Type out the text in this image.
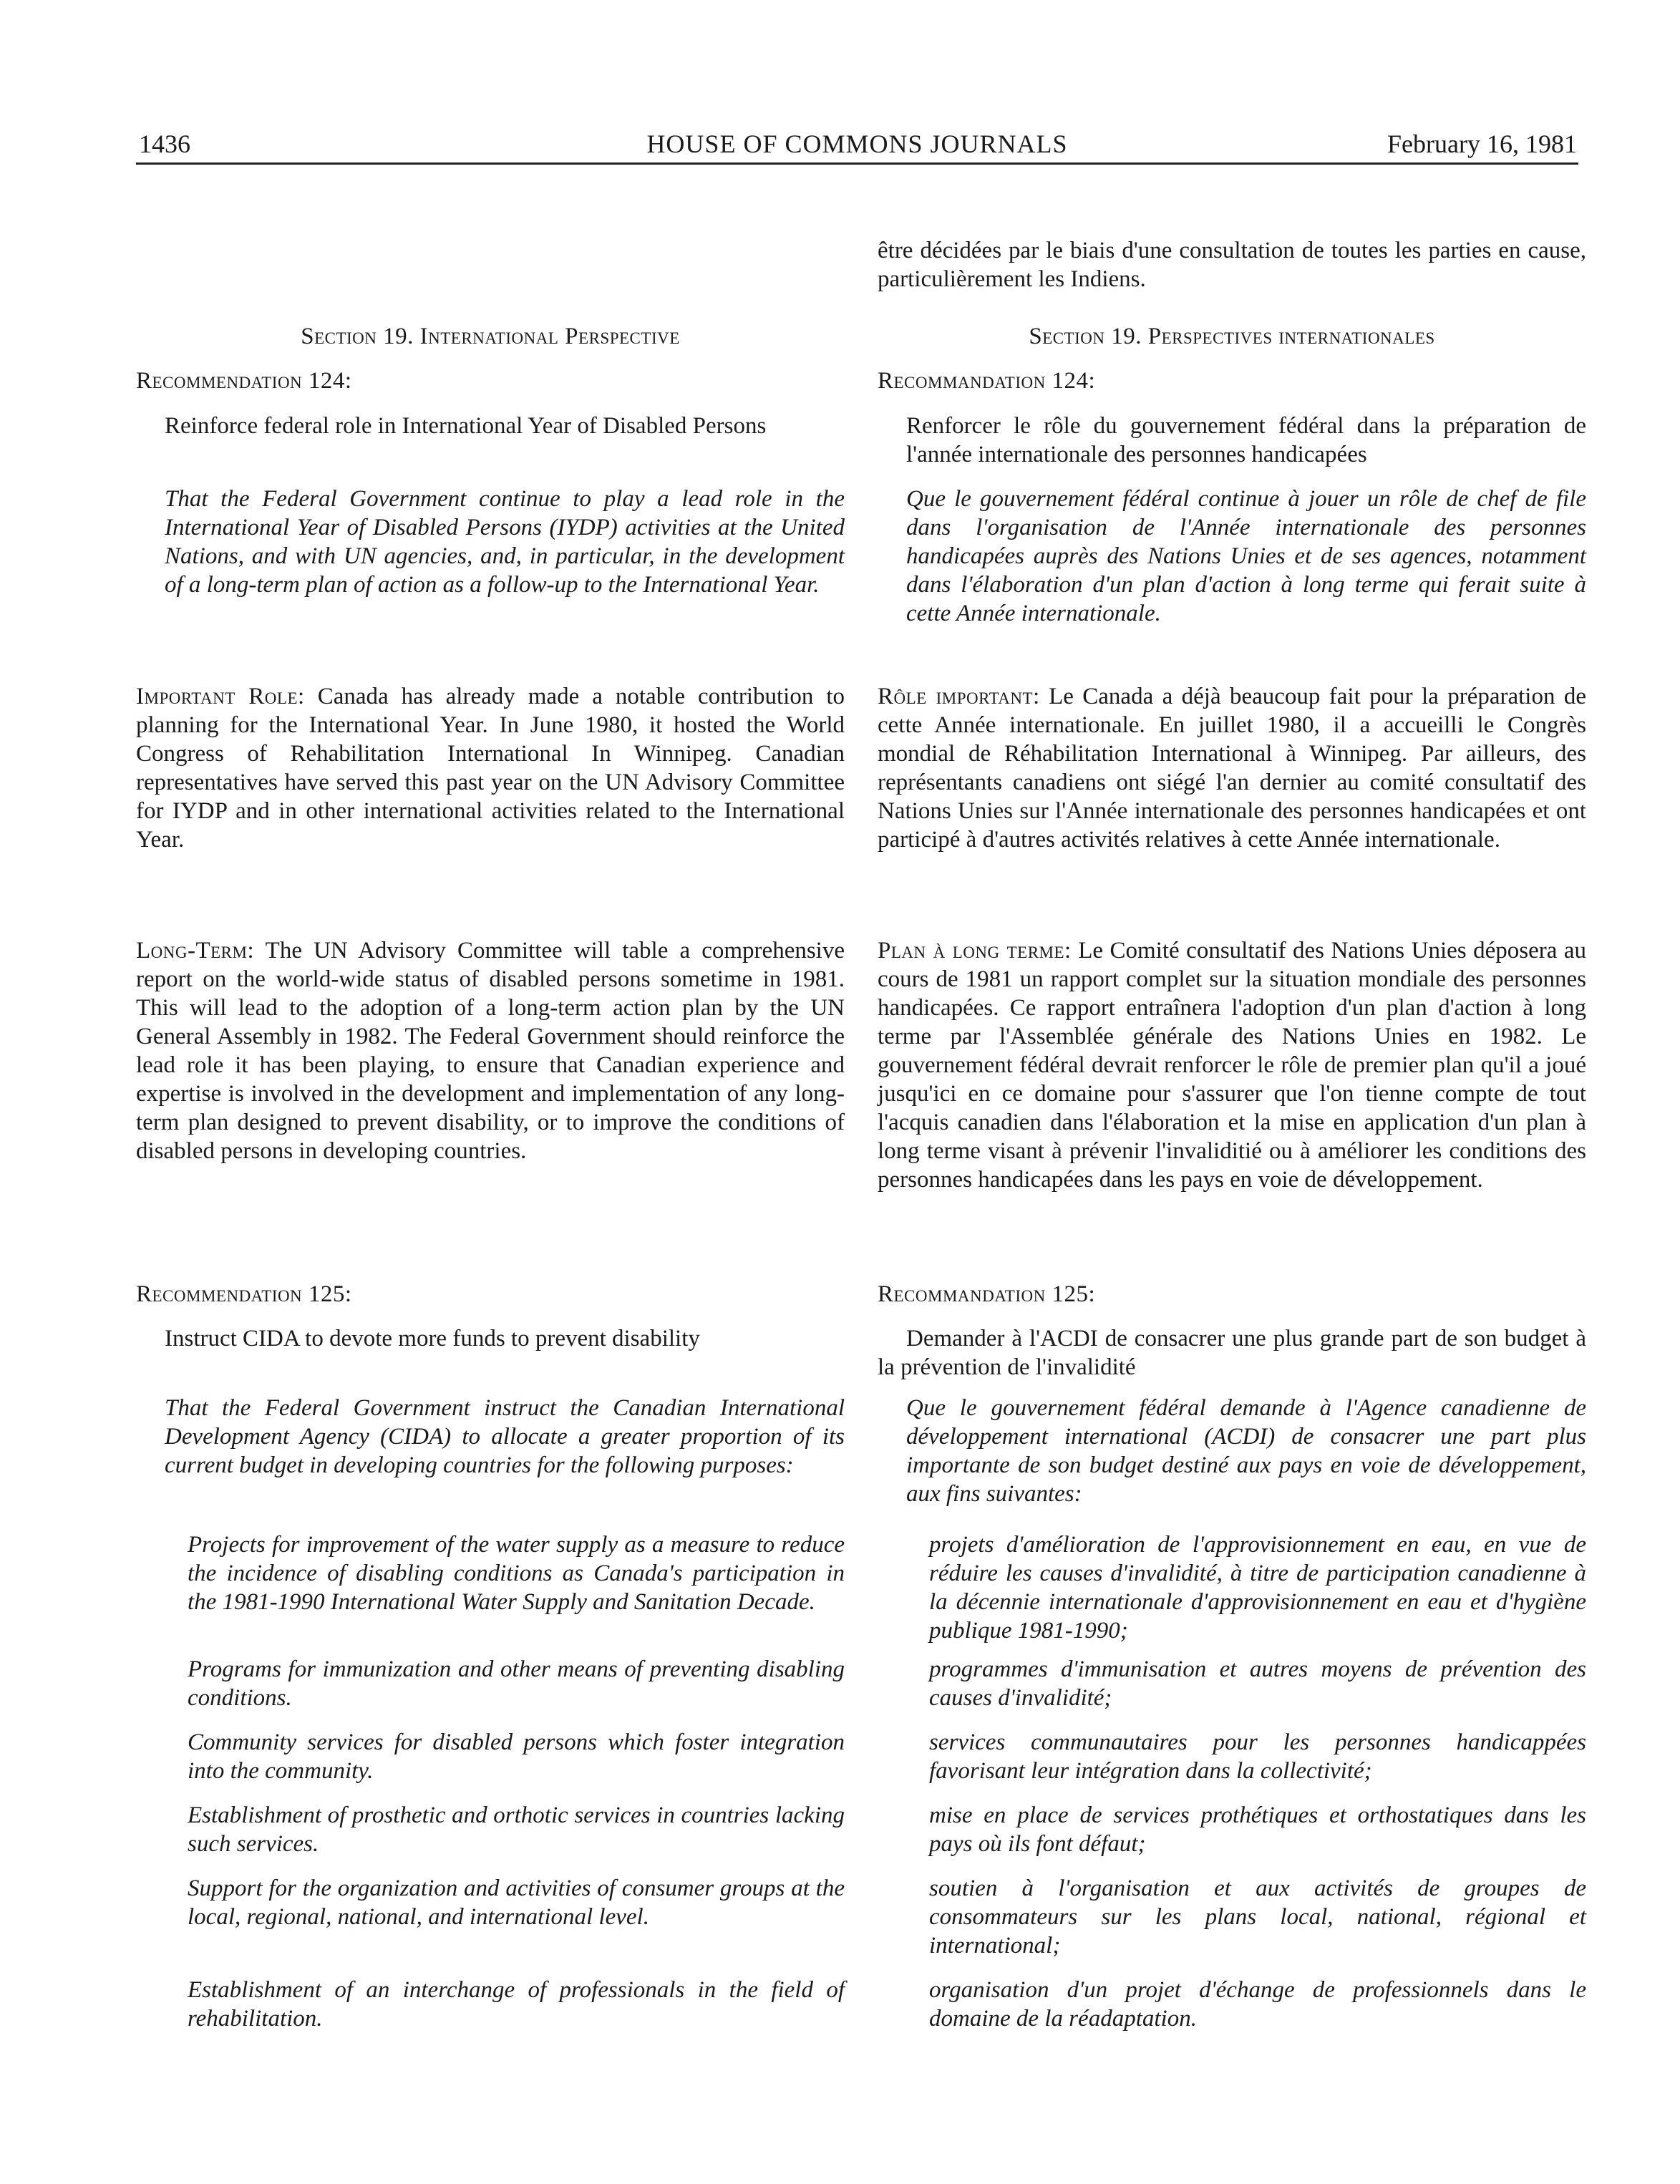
1436	HOUSE OF COMMONS JOURNALS	February 16, 1981

Section 19. International Perspective

Recommendation 124:

Reinforce federal role in International Year of Disabled Persons

That the Federal Government continue to play a lead role in the International Year of Disabled Persons (IYDP) activities at the United Nations, and with UN agencies, and, in particular, in the development of a long-term plan of action as a follow-up to the International Year.

Important Role: Canada has already made a notable contribution to planning for the International Year. In June 1980, it hosted the World Congress of Rehabilitation International In Winnipeg. Canadian representatives have served this past year on the UN Advisory Committee for IYDP and in other international activities related to the International Year.

Long-Term: The UN Advisory Committee will table a comprehensive report on the world-wide status of disabled persons sometime in 1981. This will lead to the adoption of a long-term action plan by the UN General Assembly in 1982. The Federal Government should reinforce the lead role it has been playing, to ensure that Canadian experience and expertise is involved in the development and implementation of any long-term plan designed to prevent disability, or to improve the conditions of disabled persons in developing countries.

Recommendation 125:

Instruct CIDA to devote more funds to prevent disability

That the Federal Government instruct the Canadian International Development Agency (CIDA) to allocate a greater proportion of its current budget in developing countries for the following purposes:

Projects for improvement of the water supply as a measure to reduce the incidence of disabling conditions as Canada's participation in the 1981-1990 International Water Supply and Sanitation Decade.

Programs for immunization and other means of preventing disabling conditions.

Community services for disabled persons which foster integration into the community.

Establishment of prosthetic and orthotic services in countries lacking such services.

Support for the organization and activities of consumer groups at the local, regional, national, and international level.

Establishment of an interchange of professionals in the field of rehabilitation.

être décidées par le biais d'une consultation de toutes les parties en cause, particulièrement les Indiens.

Section 19. Perspectives internationales

Recommandation 124:

Renforcer le rôle du gouvernement fédéral dans la préparation de l'année internationale des personnes handicapées

Que le gouvernement fédéral continue à jouer un rôle de chef de file dans l'organisation de l'Année internationale des personnes handicapées auprès des Nations Unies et de ses agences, notamment dans l'élaboration d'un plan d'action à long terme qui ferait suite à cette Année internationale.

Rôle important: Le Canada a déjà beaucoup fait pour la préparation de cette Année internationale. En juillet 1980, il a accueilli le Congrès mondial de Réhabilitation International à Winnipeg. Par ailleurs, des représentants canadiens ont siégé l'an dernier au comité consultatif des Nations Unies sur l'Année internationale des personnes handicapées et ont participé à d'autres activités relatives à cette Année internationale.

Plan à long terme: Le Comité consultatif des Nations Unies déposera au cours de 1981 un rapport complet sur la situation mondiale des personnes handicapées. Ce rapport entraînera l'adoption d'un plan d'action à long terme par l'Assemblée générale des Nations Unies en 1982. Le gouvernement fédéral devrait renforcer le rôle de premier plan qu'il a joué jusqu'ici en ce domaine pour s'assurer que l'on tienne compte de tout l'acquis canadien dans l'élaboration et la mise en application d'un plan à long terme visant à prévenir l'invaliditié ou à améliorer les conditions des personnes handicapées dans les pays en voie de développement.

Recommandation 125:

Demander à l'ACDI de consacrer une plus grande part de son budget à la prévention de l'invalidité

Que le gouvernement fédéral demande à l'Agence canadienne de développement international (ACDI) de consacrer une part plus importante de son budget destiné aux pays en voie de développement, aux fins suivantes:

projets d'amélioration de l'approvisionnement en eau, en vue de réduire les causes d'invalidité, à titre de participation canadienne à la décennie internationale d'approvisionnement en eau et d'hygiène publique 1981-1990;

programmes d'immunisation et autres moyens de prévention des causes d'invalidité;

services communautaires pour les personnes handicappées favorisant leur intégration dans la collectivité;

mise en place de services prothétiques et orthostatiques dans les pays où ils font défaut;

soutien à l'organisation et aux activités de groupes de consommateurs sur les plans local, national, régional et international;

organisation d'un projet d'échange de professionnels dans le domaine de la réadaptation.
